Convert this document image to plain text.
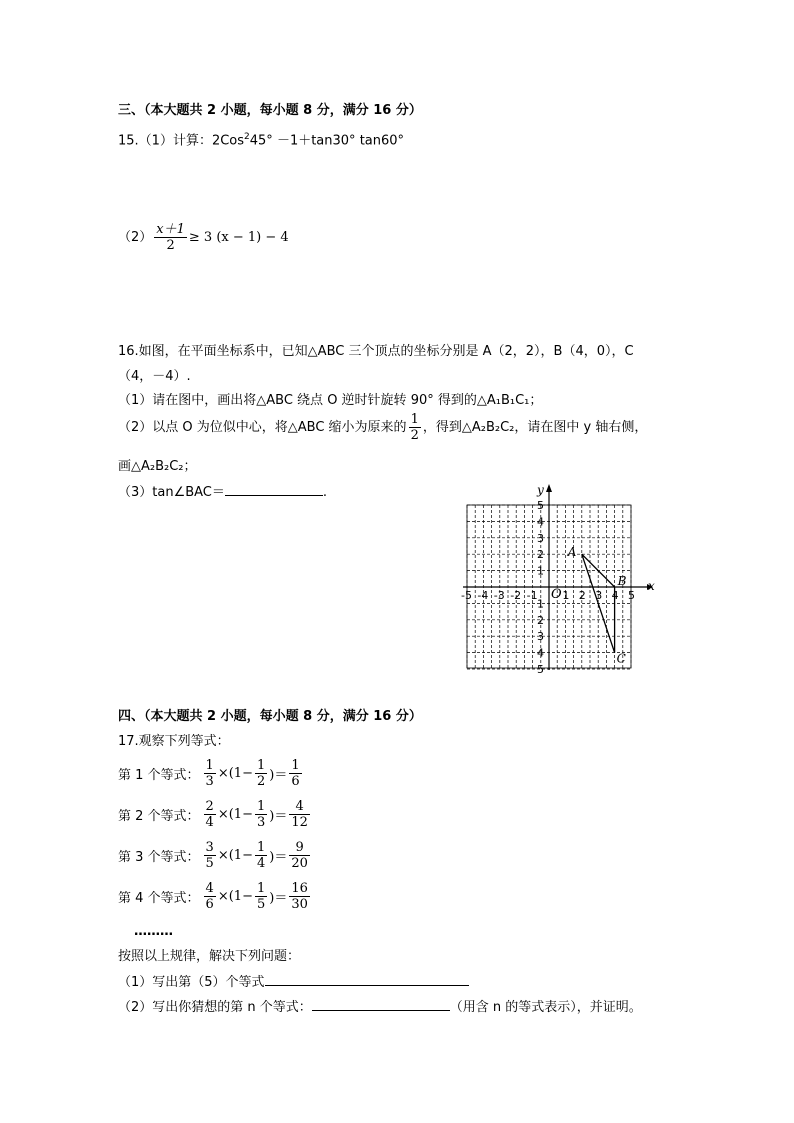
三、（本大题共 2 小题，每小题 8 分，满分 16 分）
15.（1）计算：2Cos$^2$45° －1＋tan30° tan60°
$(2) \frac{x+1}{2} \ge 3$ (x − 1) − 4
16.如图，在平面坐标系中，已知△ABC 三个顶点的坐标分别是 A（2，2），B（4，0），C
（4，－4）.
（1）请在图中，画出将△ABC 绕点 O 逆时针旋转 90° 得到的△A₁B₁C₁；
（2）以点 O 为位似中心，将△ABC 缩小为原来的 $\frac{1}{2}$ ，得到△A₂B₂C₂，请在图中 y 轴右侧，
画△A₂B₂C₂；
（3）tan∠BAC＝	.
x
y
O
-5 -4 -3 -2 -1 1 2 3 4 5
5
4
3
2
1
1
2
3
4
5
A
B
C
四、（本大题共 2 小题，每小题 8 分，满分 16 分）
17.观察下列等式：
第 1 个等式： $\frac{1}{3} \times(1- \frac{1}{2}$ )＝ $\frac{1}{6}$
第 2 个等式： $\frac{2}{4} \times(1- \frac{1}{3}$ )＝ $\frac{4}{12}$
第 3 个等式： $\frac{3}{5} \times(1- \frac{1}{4}$ )＝ $\frac{9}{20}$
第 4 个等式： $\frac{4}{6} \times(1- \frac{1}{5}$ )＝ $\frac{16}{30}$
………
按照以上规律，解决下列问题：
（1）写出第（5）个等式
（2）写出你猜想的第 n 个等式：	（用含 n 的等式表示），并证明。
